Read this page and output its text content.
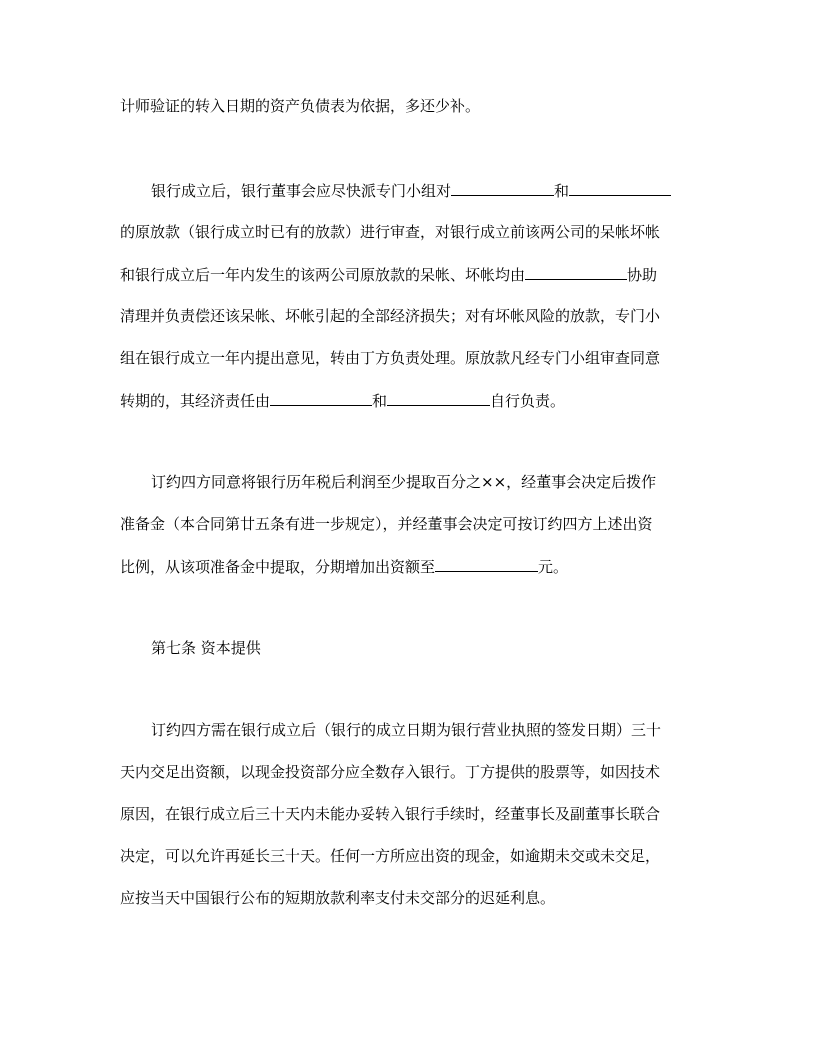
计师验证的转入日期的资产负债表为依据，多还少补。
银行成立后，银行董事会应尽快派专门小组对	和
的原放款（银行成立时已有的放款）进行审查，对银行成立前该两公司的呆帐坏帐
和银行成立后一年内发生的该两公司原放款的呆帐、坏帐均由	协助
清理并负责偿还该呆帐、坏帐引起的全部经济损失；对有坏帐风险的放款，专门小
组在银行成立一年内提出意见，转由丁方负责处理。原放款凡经专门小组审查同意
转期的，其经济责任由	和	自行负责。
订约四方同意将银行历年税后利润至少提取百分之××，经董事会决定后拨作
准备金（本合同第廿五条有进一步规定），并经董事会决定可按订约四方上述出资
比例，从该项准备金中提取，分期增加出资额至	元。
第七条 资本提供
订约四方需在银行成立后（银行的成立日期为银行营业执照的签发日期）三十
天内交足出资额，以现金投资部分应全数存入银行。丁方提供的股票等，如因技术
原因，在银行成立后三十天内未能办妥转入银行手续时，经董事长及副董事长联合
决定，可以允许再延长三十天。任何一方所应出资的现金，如逾期未交或未交足，
应按当天中国银行公布的短期放款利率支付未交部分的迟延利息。
